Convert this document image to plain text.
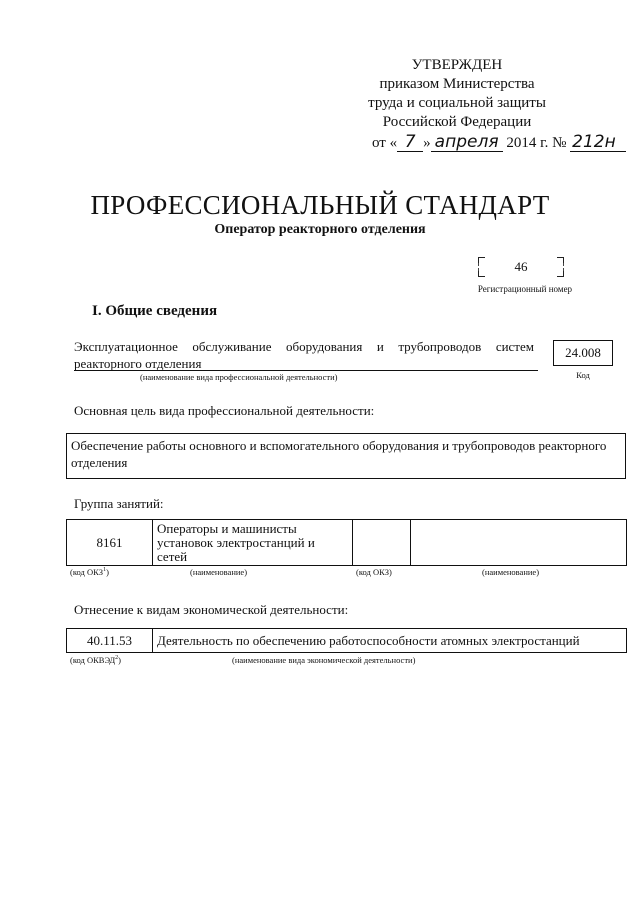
УТВЕРЖДЕН
приказом Министерства
труда и социальной защиты
Российской Федерации
от « 7 » апреля 2014 г. № 212н
ПРОФЕССИОНАЛЬНЫЙ СТАНДАРТ
Оператор реакторного отделения
46
Регистрационный номер
I. Общие сведения
Эксплуатационное обслуживание оборудования и трубопроводов систем
реакторного отделения
(наименование вида профессиональной деятельности)
24.008
Код
Основная цель вида профессиональной деятельности:
Обеспечение работы основного и вспомогательного оборудования и трубопроводов реакторного отделения
Группа занятий:
8161	Операторы и машинисты установок электростанций и сетей		
(код ОКЗ$^1$)	(наименование)	(код ОКЗ)	(наименование)
Отнесение к видам экономической деятельности:
40.11.53	Деятельность по обеспечению работоспособности атомных электростанций
(код ОКВЭД$^2$)	(наименование вида экономической деятельности)
